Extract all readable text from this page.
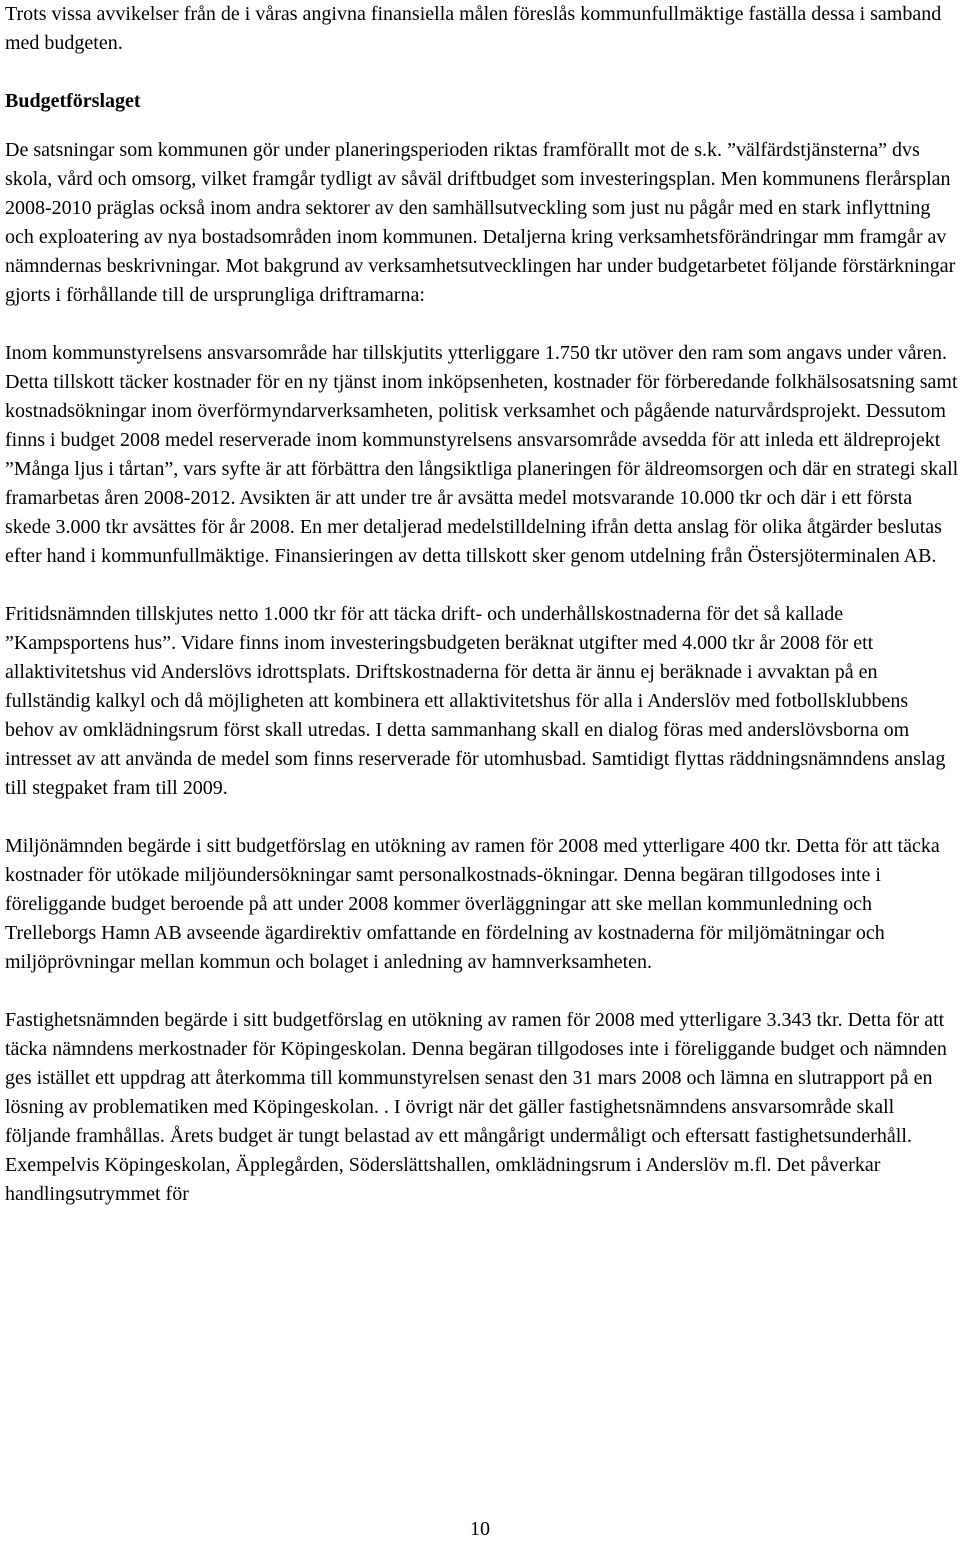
Trots vissa avvikelser från de i våras angivna finansiella målen föreslås kommunfullmäktige faställa dessa i samband med budgeten.

Budgetförslaget

De satsningar som kommunen gör under planeringsperioden riktas framförallt mot de s.k. ”välfärdstjänsterna” dvs skola, vård och omsorg, vilket framgår tydligt av såväl driftbudget som investeringsplan. Men kommunens flerårsplan 2008-2010 präglas också inom andra sektorer av den samhällsutveckling som just nu pågår med en stark inflyttning och exploatering av nya bostadsområden inom kommunen. Detaljerna kring verksamhetsförändringar mm framgår av nämndernas beskrivningar. Mot bakgrund av verksamhetsutvecklingen har under budgetarbetet följande förstärkningar gjorts i förhållande till de ursprungliga driftramarna:

Inom kommunstyrelsens ansvarsområde har tillskjutits ytterliggare 1.750 tkr utöver den ram som angavs under våren. Detta tillskott täcker kostnader för en ny tjänst inom inköpsenheten, kostnader för förberedande folkhälsosatsning samt kostnadsökningar inom överförmyndarverksamheten, politisk verksamhet och pågående naturvårdsprojekt. Dessutom finns i budget 2008 medel reserverade inom kommunstyrelsens ansvarsområde avsedda för att inleda ett äldreprojekt ”Många ljus i tårtan”, vars syfte är att förbättra den långsiktliga planeringen för äldreomsorgen och där en strategi skall framarbetas åren 2008-2012. Avsikten är att under tre år avsätta medel motsvarande 10.000 tkr och där i ett första skede 3.000 tkr avsättes för år 2008. En mer detaljerad medelstilldelning ifrån detta anslag för olika åtgärder beslutas efter hand i kommunfullmäktige. Finansieringen av detta tillskott sker genom utdelning från Östersjöterminalen AB.

Fritidsnämnden tillskjutes netto 1.000 tkr för att täcka drift- och underhållskostnaderna för det så kallade ”Kampsportens hus”. Vidare finns inom investeringsbudgeten beräknat utgifter med 4.000 tkr år 2008 för ett allaktivitetshus vid Anderslövs idrottsplats. Driftskostnaderna för detta är ännu ej beräknade i avvaktan på en fullständig kalkyl och då möjligheten att kombinera ett allaktivitetshus för alla i Anderslöv med fotbollsklubbens behov av omklädningsrum först skall utredas. I detta sammanhang skall en dialog föras med anderslövsborna om intresset av att använda de medel som finns reserverade för utomhusbad. Samtidigt flyttas räddningsnämndens anslag till stegpaket fram till 2009.

Miljönämnden begärde i sitt budgetförslag en utökning av ramen för 2008 med ytterligare 400 tkr. Detta för att täcka kostnader för utökade miljöundersökningar samt personalkostnads-ökningar. Denna begäran tillgodoses inte i föreliggande budget beroende på att under 2008 kommer överläggningar att ske mellan kommunledning och Trelleborgs Hamn AB avseende ägardirektiv omfattande en fördelning av kostnaderna för miljömätningar och miljöprövningar mellan kommun och bolaget i anledning av hamnverksamheten.

Fastighetsnämnden begärde i sitt budgetförslag en utökning av ramen för 2008 med ytterligare 3.343 tkr. Detta för att täcka nämndens merkostnader för Köpingeskolan. Denna begäran tillgodoses inte i föreliggande budget och nämnden ges istället ett uppdrag att återkomma till kommunstyrelsen senast den 31 mars 2008 och lämna en slutrapport på en lösning av problematiken med Köpingeskolan. . I övrigt när det gäller fastighetsnämndens ansvarsområde skall följande framhållas. Årets budget är tungt belastad av ett mångårigt undermåligt och eftersatt fastighetsunderhåll. Exempelvis Köpingeskolan, Äpplegården, Söderslättshallen, omklädningsrum i Anderslöv m.fl. Det påverkar handlingsutrymmet för

10
